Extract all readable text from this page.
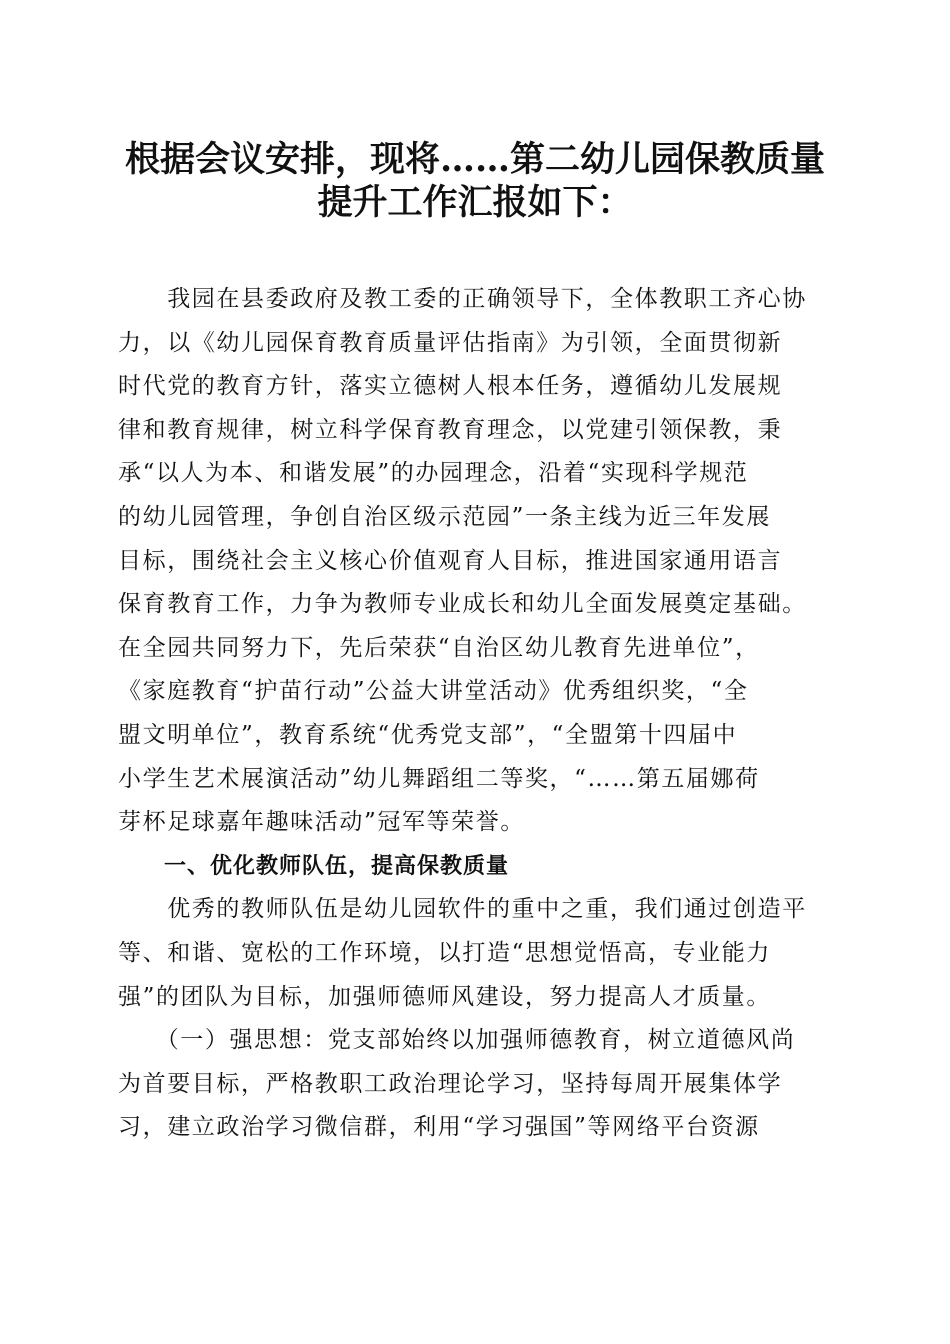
根据会议安排，现将……第二幼儿园保教质量
提升工作汇报如下：
　　我园在县委政府及教工委的正确领导下，全体教职工齐心协
力，以《幼儿园保育教育质量评估指南》为引领，全面贯彻新
时代党的教育方针，落实立德树人根本任务，遵循幼儿发展规
律和教育规律，树立科学保育教育理念，以党建引领保教，秉
承“以人为本、和谐发展”的办园理念，沿着“实现科学规范
的幼儿园管理，争创自治区级示范园”一条主线为近三年发展
目标，围绕社会主义核心价值观育人目标，推进国家通用语言
保育教育工作，力争为教师专业成长和幼儿全面发展奠定基础。
在全园共同努力下，先后荣获“自治区幼儿教育先进单位”，
《家庭教育“护苗行动”公益大讲堂活动》优秀组织奖，“全
盟文明单位”，教育系统“优秀党支部”，“全盟第十四届中
小学生艺术展演活动”幼儿舞蹈组二等奖，“……第五届娜荷
芽杯足球嘉年趣味活动”冠军等荣誉。
　　一、优化教师队伍，提高保教质量
　　优秀的教师队伍是幼儿园软件的重中之重，我们通过创造平
等、和谐、宽松的工作环境，以打造“思想觉悟高，专业能力
强”的团队为目标，加强师德师风建设，努力提高人才质量。
　　（一）强思想：党支部始终以加强师德教育，树立道德风尚
为首要目标，严格教职工政治理论学习，坚持每周开展集体学
习，建立政治学习微信群，利用“学习强国”等网络平台资源
